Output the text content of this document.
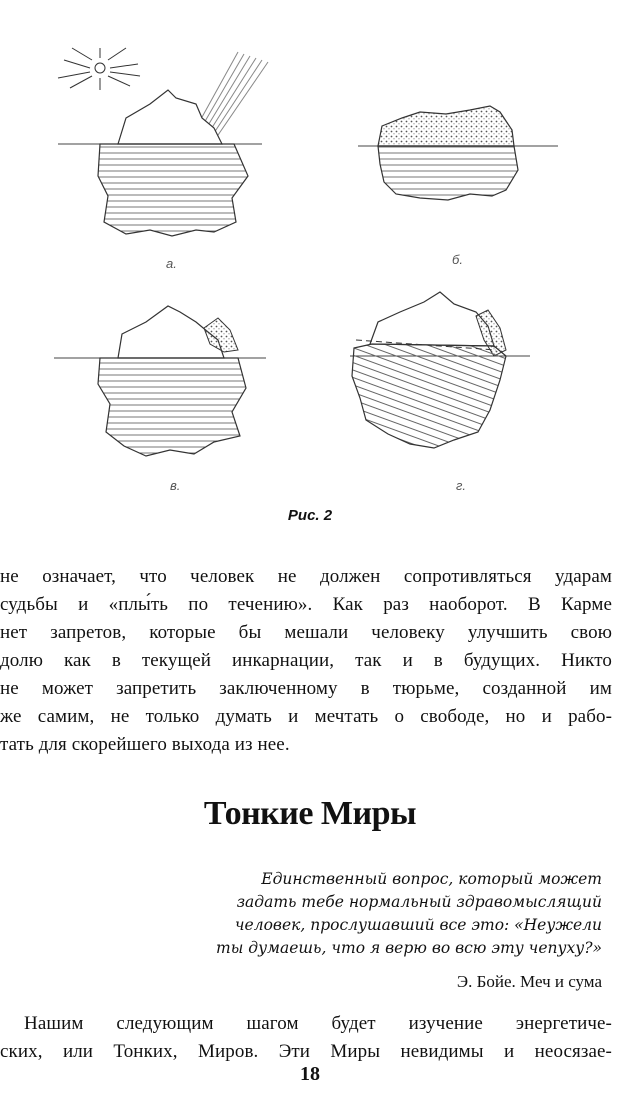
а.	б.
в.	г.
Рис. 2
не означает, что человек не должен сопротивляться ударам
судьбы и «плы́ть по течению». Как раз наоборот. В Карме
нет запретов, которые бы мешали человеку улучшить свою
долю как в текущей инкарнации, так и в будущих. Никто
не может запретить заключенному в тюрьме, созданной им
же самим, не только думать и мечтать о свободе, но и рабо-
тать для скорейшего выхода из нее.
Тонкие Миры
Единственный вопрос, который может
задать тебе нормальный здравомыслящий
человек, прослушавший все это: «Неужели
ты думаешь, что я верю во всю эту чепуху?»
Э. Бойе. Меч и сума
Нашим следующим шагом будет изучение энергетиче-
ских, или Тонких, Миров. Эти Миры невидимы и неосязае-
18
